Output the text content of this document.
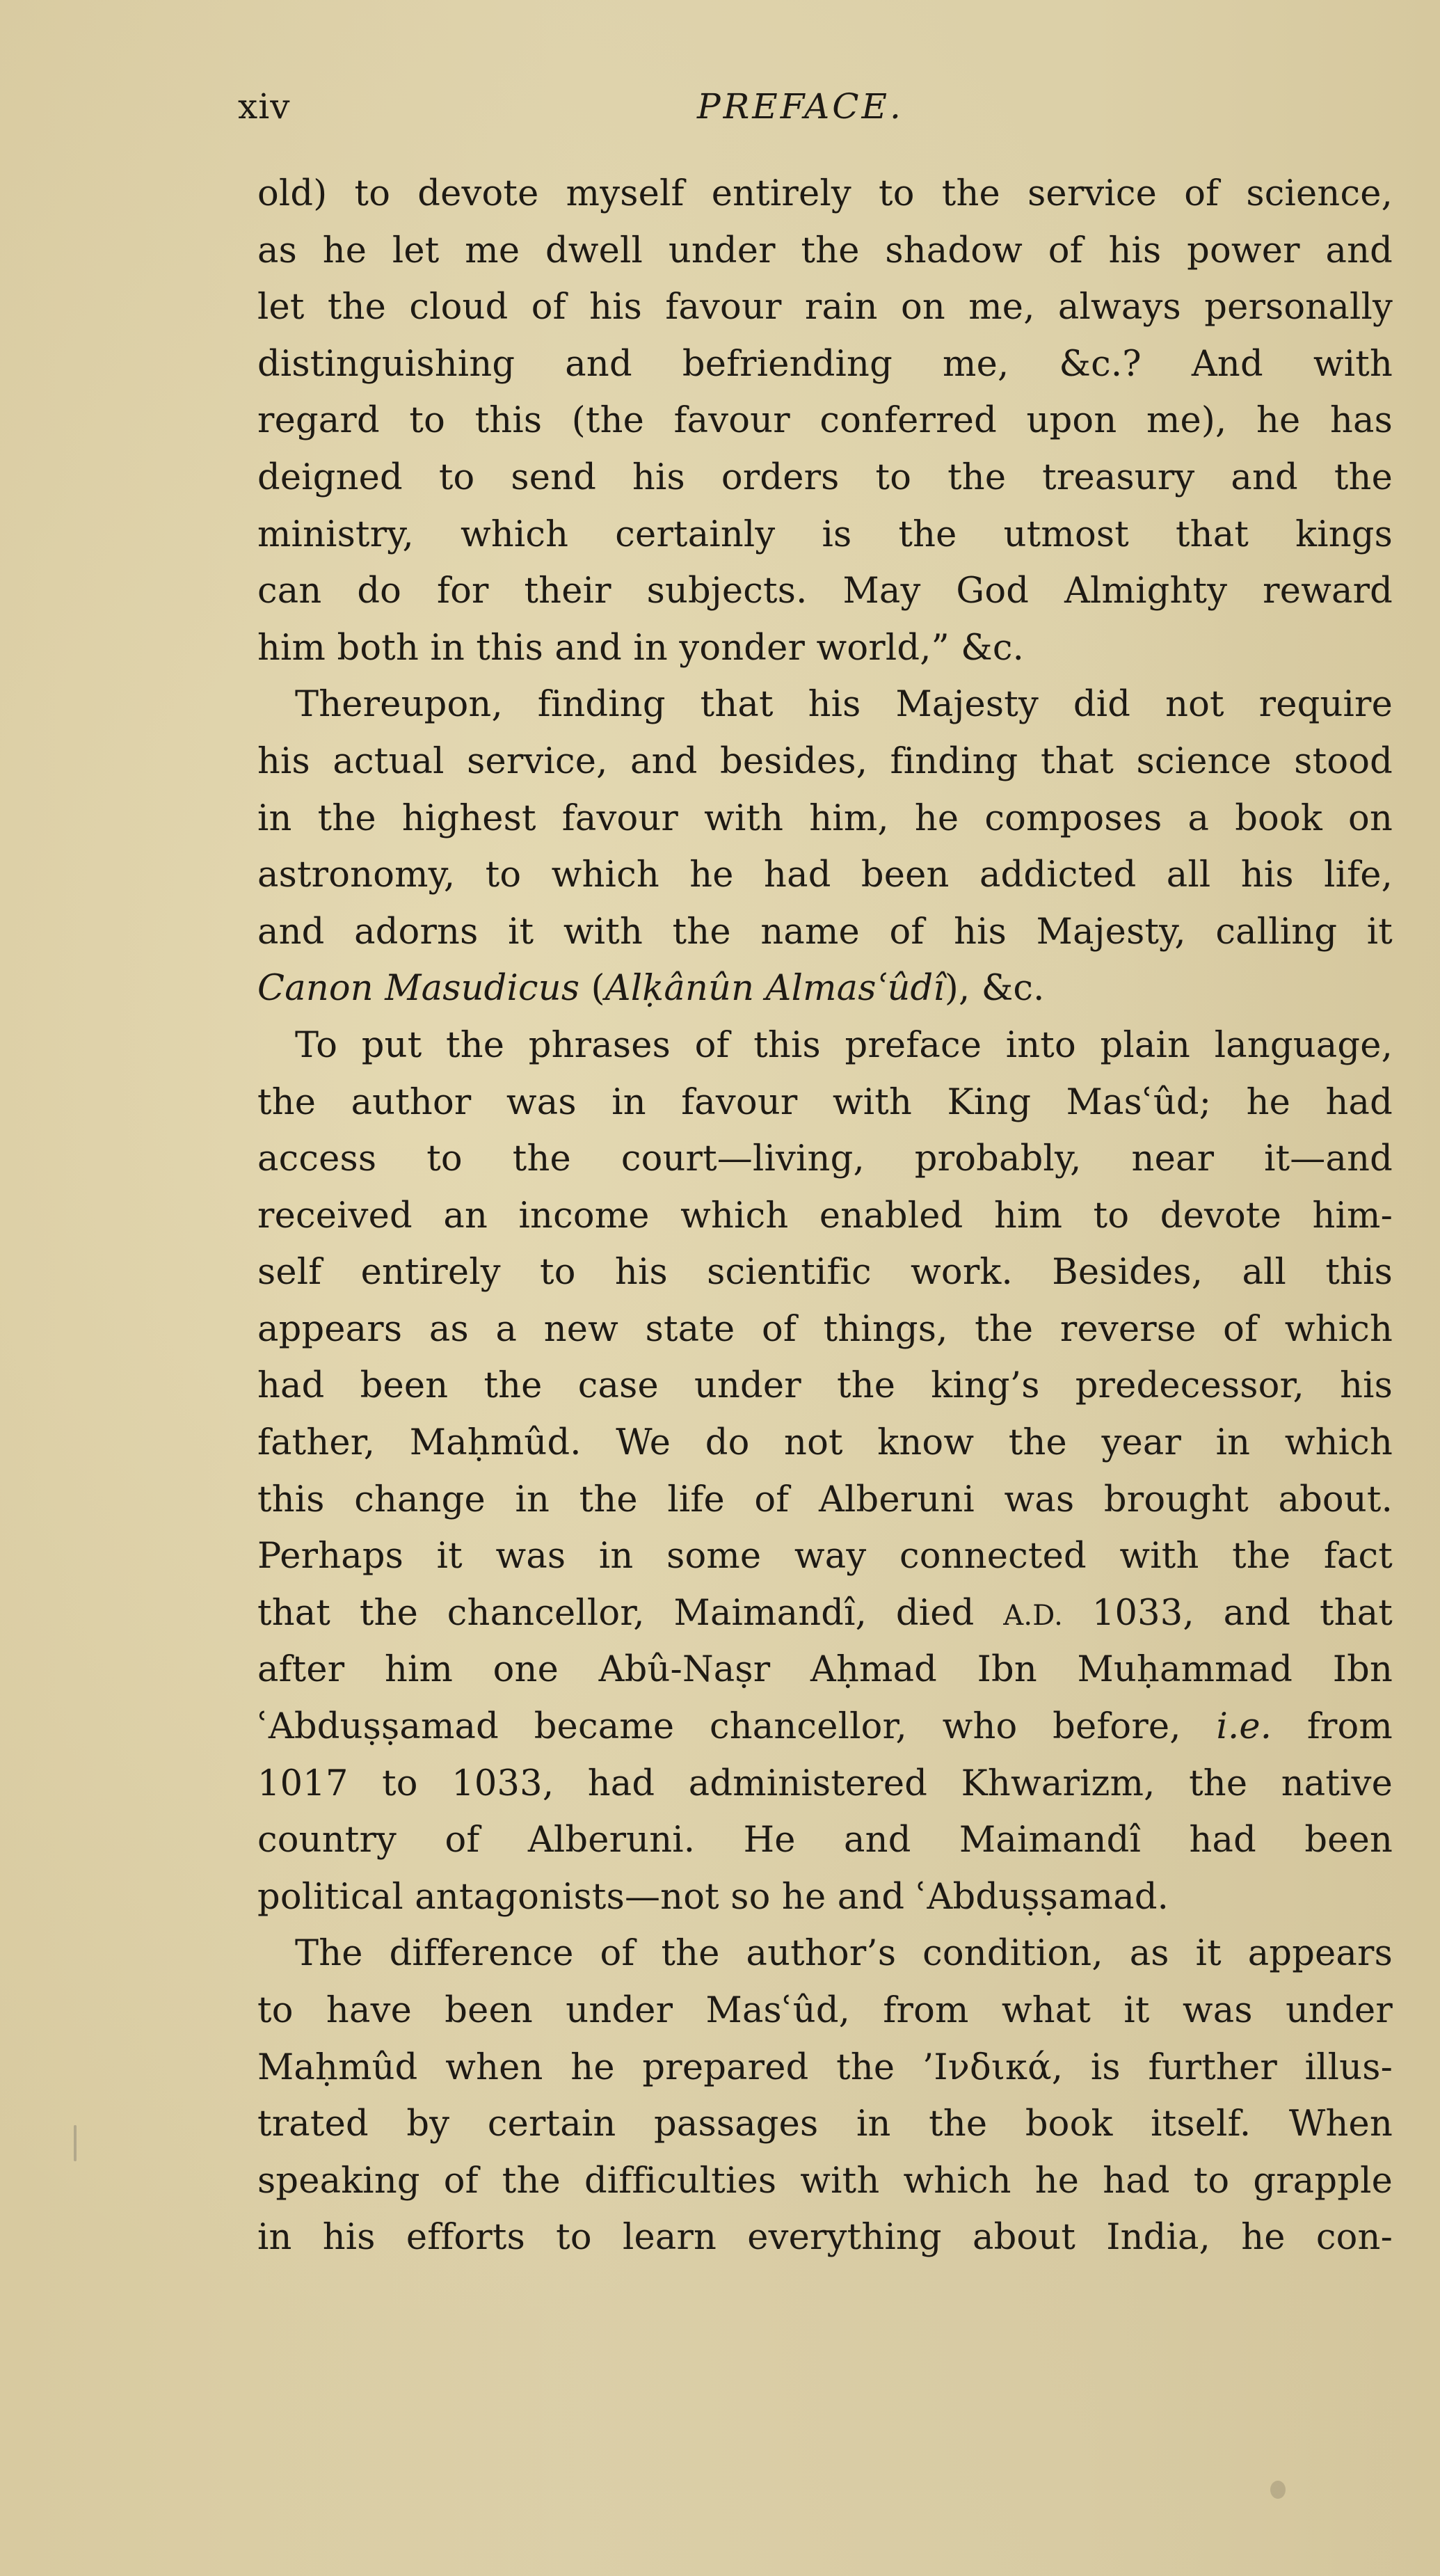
xiv	PREFACE.
old) to devote myself entirely to the service of science,
as he let me dwell under the shadow of his power and
let the cloud of his favour rain on me, always personally
distinguishing and befriending me, &c.? And with
regard to this (the favour conferred upon me), he has
deigned to send his orders to the treasury and the
ministry, which certainly is the utmost that kings
can do for their subjects. May God Almighty reward
him both in this and in yonder world,” &c.
Thereupon, finding that his Majesty did not require
his actual service, and besides, finding that science stood
in the highest favour with him, he composes a book on
astronomy, to which he had been addicted all his life,
and adorns it with the name of his Majesty, calling it
Canon Masudicus (Alḳânûn Almasʿûdî), &c.
To put the phrases of this preface into plain language,
the author was in favour with King Masʿûd; he had
access to the court—living, probably, near it—and
received an income which enabled him to devote him-
self entirely to his scientific work. Besides, all this
appears as a new state of things, the reverse of which
had been the case under the king’s predecessor, his
father, Maḥmûd. We do not know the year in which
this change in the life of Alberuni was brought about.
Perhaps it was in some way connected with the fact
that the chancellor, Maimandî, died A.D. 1033, and that
after him one Abû-Naṣr Aḥmad Ibn Muḥammad Ibn
ʿAbduṣṣamad became chancellor, who before, i.e. from
1017 to 1033, had administered Khwarizm, the native
country of Alberuni. He and Maimandî had been
political antagonists—not so he and ʿAbduṣṣamad.
The difference of the author’s condition, as it appears
to have been under Masʿûd, from what it was under
Maḥmûd when he prepared the ’Ινδικά, is further illus-
trated by certain passages in the book itself. When
speaking of the difficulties with which he had to grapple
in his efforts to learn everything about India, he con-
